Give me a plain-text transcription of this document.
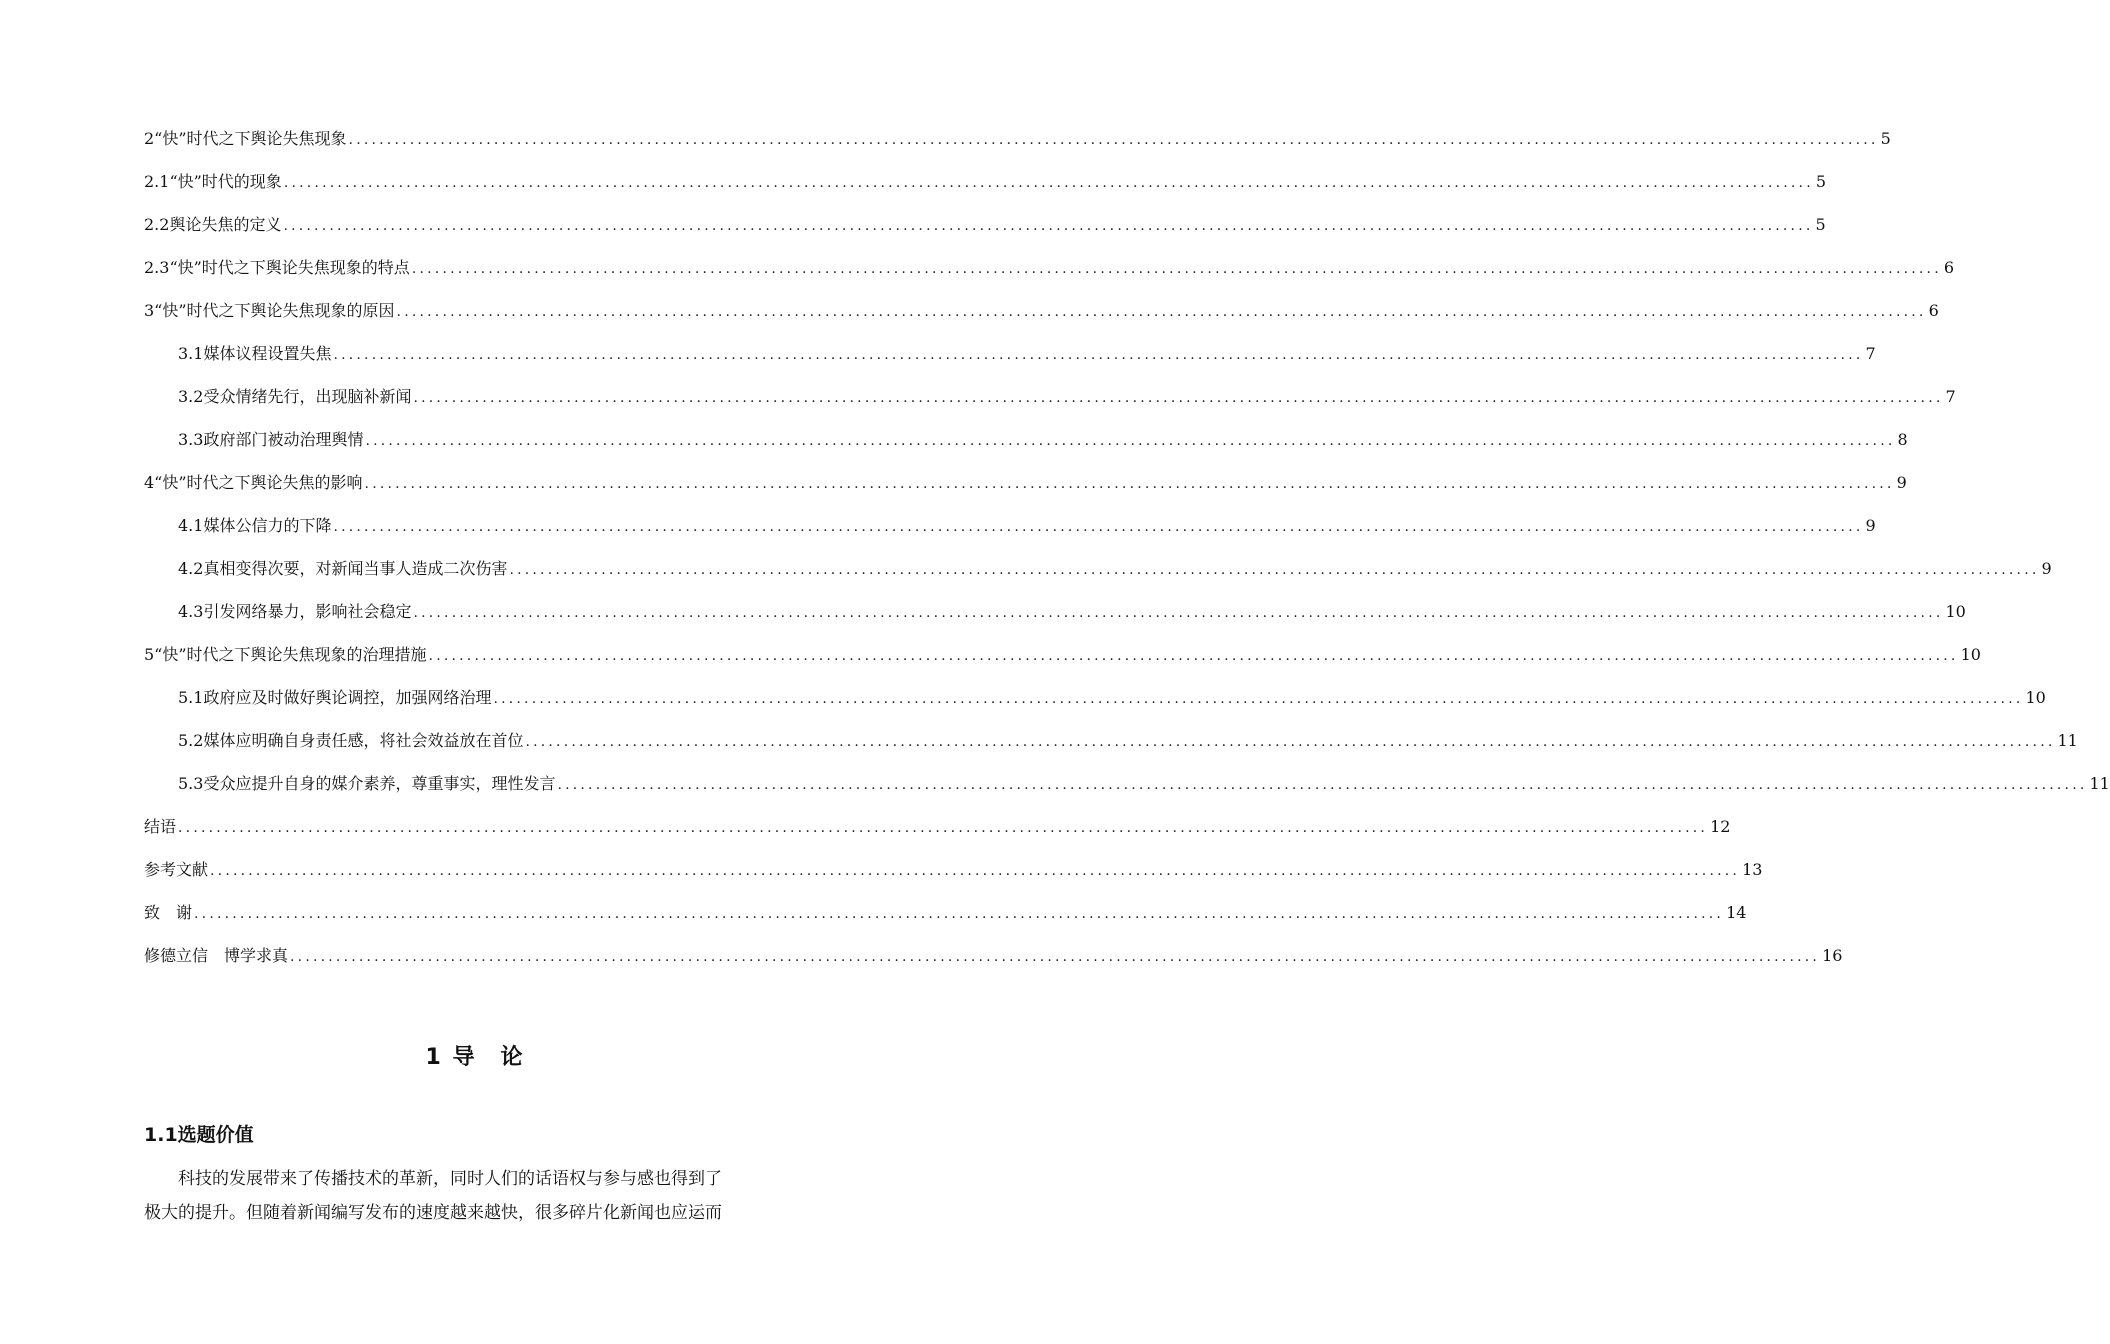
2“快”时代之下舆论失焦现象 ........................................................................................................................................................................................................ 5
2.1“快”时代的现象 ........................................................................................................................................................................................................ 5
2.2舆论失焦的定义 ........................................................................................................................................................................................................ 5
2.3“快”时代之下舆论失焦现象的特点 ........................................................................................................................................................................................................ 6
3“快”时代之下舆论失焦现象的原因 ........................................................................................................................................................................................................ 6
3.1媒体议程设置失焦 ........................................................................................................................................................................................................ 7
3.2受众情绪先行，出现脑补新闻 ........................................................................................................................................................................................................ 7
3.3政府部门被动治理舆情 ........................................................................................................................................................................................................ 8
4“快”时代之下舆论失焦的影响 ........................................................................................................................................................................................................ 9
4.1媒体公信力的下降 ........................................................................................................................................................................................................ 9
4.2真相变得次要，对新闻当事人造成二次伤害 ........................................................................................................................................................................................................ 9
4.3引发网络暴力，影响社会稳定 ........................................................................................................................................................................................................ 10
5“快”时代之下舆论失焦现象的治理措施 ........................................................................................................................................................................................................ 10
5.1政府应及时做好舆论调控，加强网络治理 ........................................................................................................................................................................................................ 10
5.2媒体应明确自身责任感，将社会效益放在首位 ........................................................................................................................................................................................................ 11
5.3受众应提升自身的媒介素养，尊重事实，理性发言 ........................................................................................................................................................................................................ 11
结语 ........................................................................................................................................................................................................ 12
参考文献 ........................................................................................................................................................................................................ 13
致　谢 ........................................................................................................................................................................................................ 14
修德立信　博学求真 ........................................................................................................................................................................................................ 16
1 导　论
1.1选题价值
科技的发展带来了传播技术的革新，同时人们的话语权与参与感也得到了
极大的提升。但随着新闻编写发布的速度越来越快，很多碎片化新闻也应运而
